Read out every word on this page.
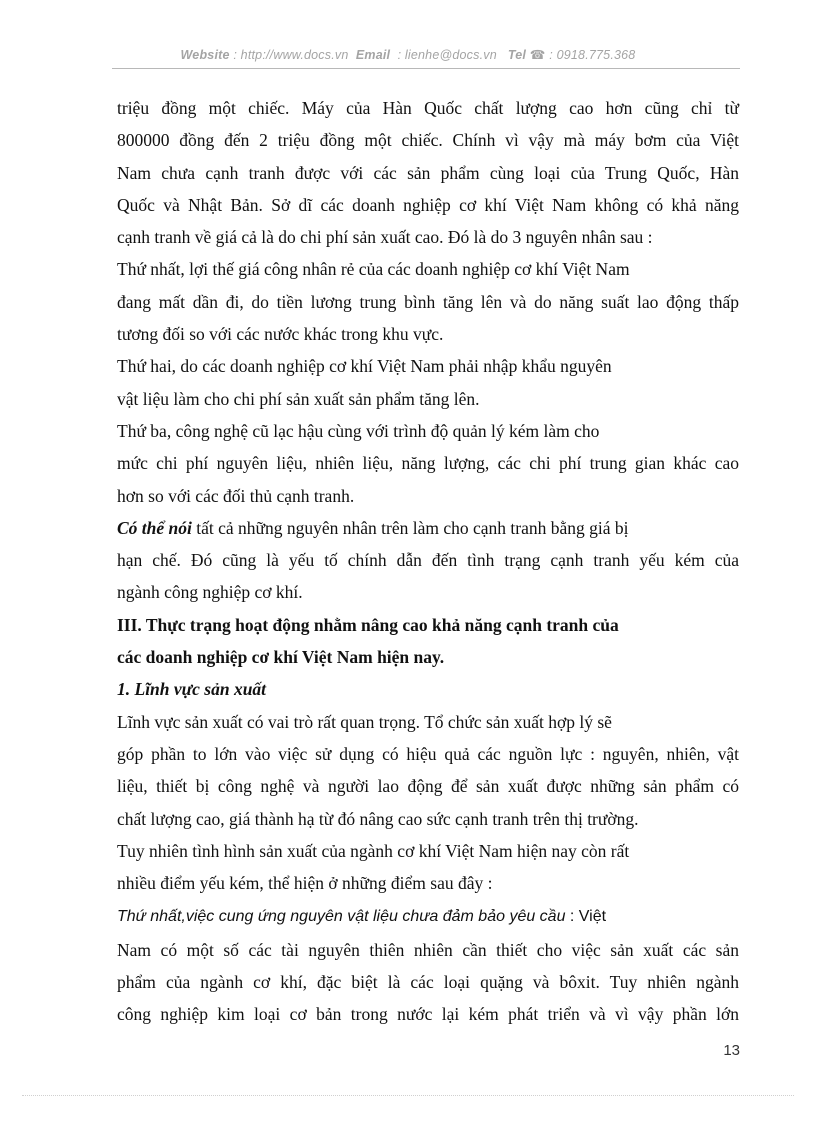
Website : http://www.docs.vn Email : lienhe@docs.vn Tel ☎ : 0918.775.368
triệu đồng một chiếc. Máy của Hàn Quốc chất lượng cao hơn cũng chỉ từ
800000 đồng đến 2 triệu đồng một chiếc. Chính vì vậy mà máy bơm của Việt
Nam chưa cạnh tranh được với các sản phẩm cùng loại của Trung Quốc, Hàn
Quốc và Nhật Bản. Sở dĩ các doanh nghiệp cơ khí Việt Nam không có khả năng
cạnh tranh về giá cả là do chi phí sản xuất cao. Đó là do 3 nguyên nhân sau :
Thứ nhất, lợi thế giá công nhân rẻ của các doanh nghiệp cơ khí Việt Nam
đang mất dần đi, do tiền lương trung bình tăng lên và do năng suất lao động thấp
tương đối so với các nước khác trong khu vực.
Thứ hai, do các doanh nghiệp cơ khí Việt Nam phải nhập khẩu nguyên
vật liệu làm cho chi phí sản xuất sản phẩm tăng lên.
Thứ ba, công nghệ cũ lạc hậu cùng với trình độ quản lý kém làm cho
mức chi phí nguyên liệu, nhiên liệu, năng lượng, các chi phí trung gian khác cao
hơn so với các đối thủ cạnh tranh.
Có thể nói tất cả những nguyên nhân trên làm cho cạnh tranh bằng giá bị
hạn chế. Đó cũng là yếu tố chính dẫn đến tình trạng cạnh tranh yếu kém của
ngành công nghiệp cơ khí.
III. Thực trạng hoạt động nhằm nâng cao khả năng cạnh tranh của
các doanh nghiệp cơ khí Việt Nam hiện nay.
1. Lĩnh vực sản xuất
Lĩnh vực sản xuất có vai trò rất quan trọng. Tổ chức sản xuất hợp lý sẽ
góp phần to lớn vào việc sử dụng có hiệu quả các nguồn lực : nguyên, nhiên, vật
liệu, thiết bị công nghệ và người lao động để sản xuất được những sản phẩm có
chất lượng cao, giá thành hạ từ đó nâng cao sức cạnh tranh trên thị trường.
Tuy nhiên tình hình sản xuất của ngành cơ khí Việt Nam hiện nay còn rất
nhiều điểm yếu kém, thể hiện ở những điểm sau đây :
Thứ nhất,việc cung ứng nguyên vật liệu chưa đảm bảo yêu cầu : Việt
Nam có một số các tài nguyên thiên nhiên cần thiết cho việc sản xuất các sản
phẩm của ngành cơ khí, đặc biệt là các loại quặng và bôxit. Tuy nhiên ngành
công nghiệp kim loại cơ bản trong nước lại kém phát triển và vì vậy phần lớn
13
